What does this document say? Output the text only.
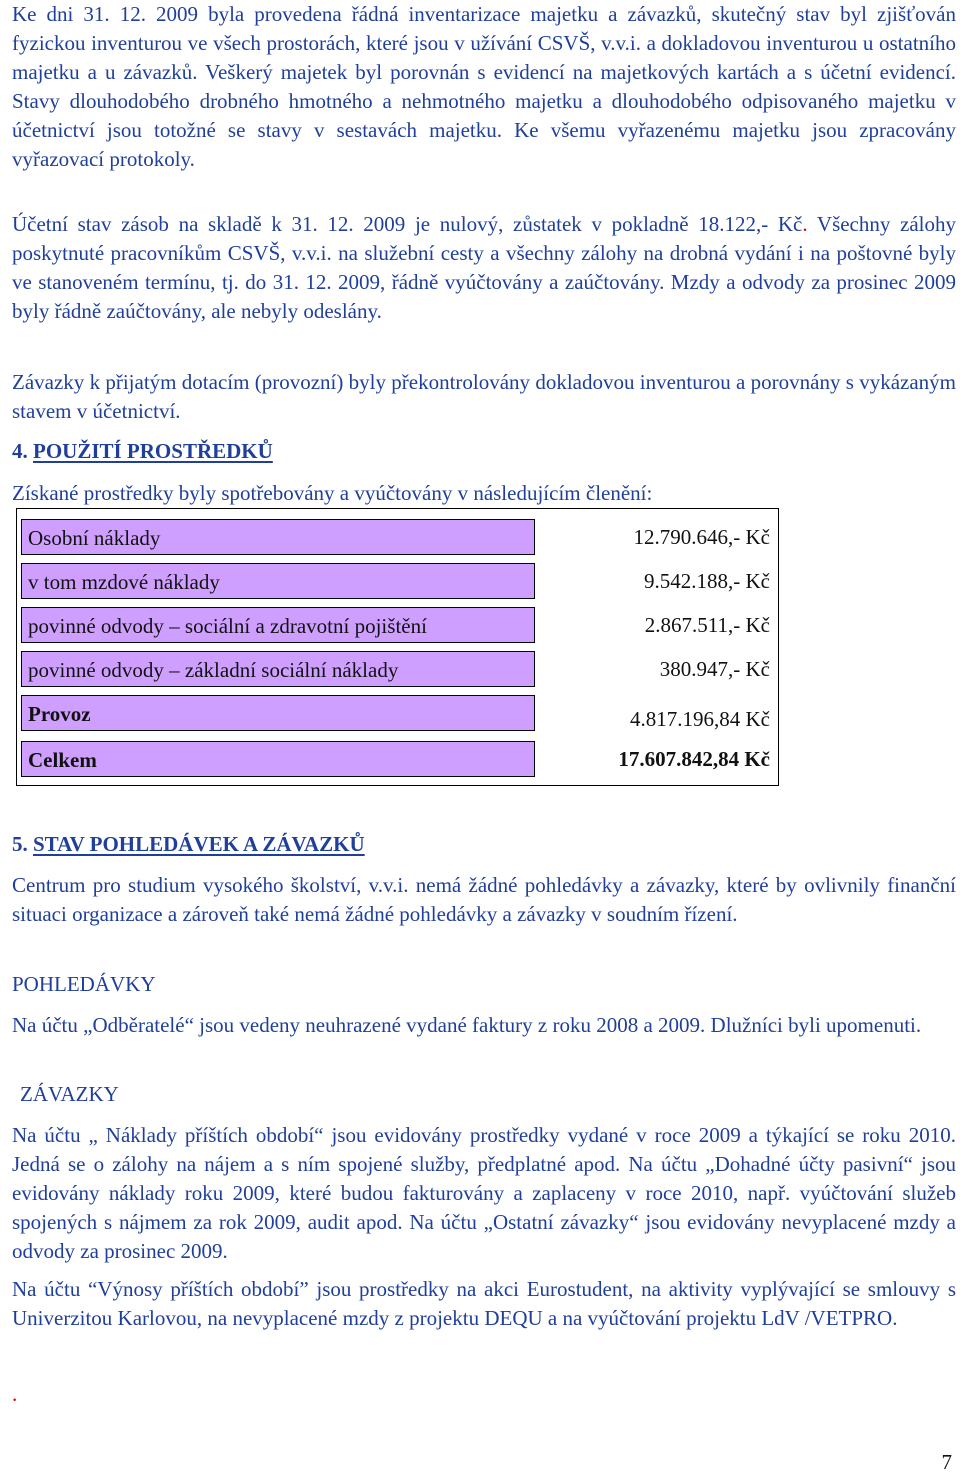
Ke dni 31. 12. 2009 byla provedena řádná inventarizace majetku a závazků, skutečný stav byl zjišťován fyzickou inventurou ve všech prostorách, které jsou v užívání CSVŠ, v.v.i. a dokladovou inventurou u ostatního majetku a u závazků. Veškerý majetek byl porovnán s evidencí na majetkových kartách a s účetní evidencí. Stavy dlouhodobého drobného hmotného a nehmotného majetku a dlouhodobého odpisovaného majetku v účetnictví jsou totožné se stavy v sestavách majetku. Ke všemu vyřazenému majetku jsou zpracovány vyřazovací protokoly.

Účetní stav zásob na skladě k 31. 12. 2009 je nulový, zůstatek v pokladně 18.122,- Kč. Všechny zálohy poskytnuté pracovníkům CSVŠ, v.v.i. na služební cesty a všechny zálohy na drobná vydání i na poštovné byly ve stanoveném termínu, tj. do 31. 12. 2009, řádně vyúčtovány a zaúčtovány. Mzdy a odvody za prosinec 2009 byly řádně zaúčtovány, ale nebyly odeslány.

Závazky k přijatým dotacím (provozní) byly překontrolovány dokladovou inventurou a porovnány s vykázaným stavem v účetnictví.

4. POUŽITÍ PROSTŘEDKŮ

Získané prostředky byly spotřebovány a vyúčtovány v následujícím členění:

Osobní náklady	12.790.646,- Kč
v tom mzdové náklady	9.542.188,- Kč
povinné odvody – sociální a zdravotní pojištění	2.867.511,- Kč
povinné odvody – základní sociální náklady	380.947,- Kč
Provoz	4.817.196,84 Kč
Celkem	17.607.842,84 Kč

5. STAV POHLEDÁVEK A ZÁVAZKŮ

Centrum pro studium vysokého školství, v.v.i. nemá žádné pohledávky a závazky, které by ovlivnily finanční situaci organizace a zároveň také nemá žádné pohledávky a závazky v soudním řízení.

POHLEDÁVKY

Na účtu „Odběratelé“ jsou vedeny neuhrazené vydané faktury z roku 2008 a 2009. Dlužníci byli upomenuti.

ZÁVAZKY

Na účtu „ Náklady příštích období“ jsou evidovány prostředky vydané v roce 2009 a týkající se roku 2010. Jedná se o zálohy na nájem a s ním spojené služby, předplatné apod. Na účtu „Dohadné účty pasivní“ jsou evidovány náklady roku 2009, které budou fakturovány a zaplaceny v roce 2010, např. vyúčtování služeb spojených s nájmem za rok 2009, audit apod. Na účtu „Ostatní závazky“ jsou evidovány nevyplacené mzdy a odvody za prosinec 2009.

Na účtu “Výnosy příštích období” jsou prostředky na akci Eurostudent, na aktivity vyplývající se smlouvy s Univerzitou Karlovou, na nevyplacené mzdy z projektu DEQU a na vyúčtování projektu LdV /VETPRO.

.

7
